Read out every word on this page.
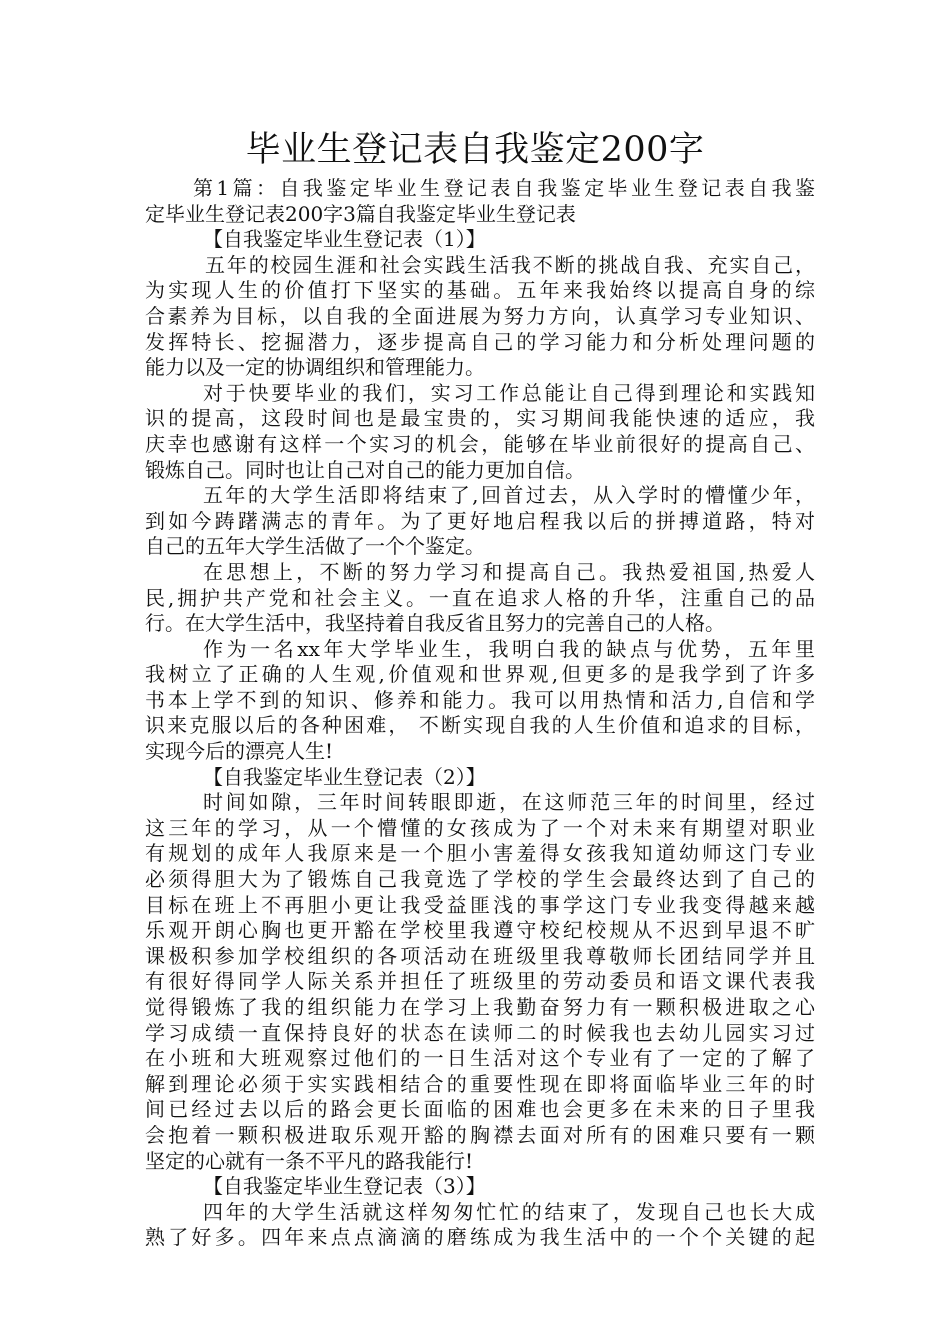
毕业生登记表自我鉴定200字
第1篇：自我鉴定毕业生登记表自我鉴定毕业生登记表自我鉴
定毕业生登记表200字3篇自我鉴定毕业生登记表
【自我鉴定毕业生登记表（1）】
五年的校园生涯和社会实践生活我不断的挑战自我、充实自己，
为实现人生的价值打下坚实的基础。五年来我始终以提高自身的综
合素养为目标，以自我的全面进展为努力方向，认真学习专业知识、
发挥特长、挖掘潜力，逐步提高自己的学习能力和分析处理问题的
能力以及一定的协调组织和管理能力。
对于快要毕业的我们，实习工作总能让自己得到理论和实践知
识的提高，这段时间也是最宝贵的，实习期间我能快速的适应，我
庆幸也感谢有这样一个实习的机会，能够在毕业前很好的提高自己、
锻炼自己。同时也让自己对自己的能力更加自信。
五年的大学生活即将结束了,回首过去，从入学时的懵懂少年，
到如今踌躇满志的青年。为了更好地启程我以后的拼搏道路，特对
自己的五年大学生活做了一个个鉴定。
在思想上，不断的努力学习和提高自己。我热爱祖国,热爱人
民,拥护共产党和社会主义。一直在追求人格的升华，注重自己的品
行。在大学生活中，我坚持着自我反省且努力的完善自己的人格。
作为一名xx年大学毕业生，我明白我的缺点与优势，五年里
我树立了正确的人生观,价值观和世界观,但更多的是我学到了许多
书本上学不到的知识、修养和能力。我可以用热情和活力,自信和学
识来克服以后的各种困难， 不断实现自我的人生价值和追求的目标，
实现今后的漂亮人生!
【自我鉴定毕业生登记表（2）】
时间如隙，三年时间转眼即逝，在这师范三年的时间里，经过
这三年的学习，从一个懵懂的女孩成为了一个对未来有期望对职业
有规划的成年人我原来是一个胆小害羞得女孩我知道幼师这门专业
必须得胆大为了锻炼自己我竟选了学校的学生会最终达到了自己的
目标在班上不再胆小更让我受益匪浅的事学这门专业我变得越来越
乐观开朗心胸也更开豁在学校里我遵守校纪校规从不迟到早退不旷
课极积参加学校组织的各项活动在班级里我尊敬师长团结同学并且
有很好得同学人际关系并担任了班级里的劳动委员和语文课代表我
觉得锻炼了我的组织能力在学习上我勤奋努力有一颗积极进取之心
学习成绩一直保持良好的状态在读师二的时候我也去幼儿园实习过
在小班和大班观察过他们的一日生活对这个专业有了一定的了解了
解到理论必须于实实践相结合的重要性现在即将面临毕业三年的时
间已经过去以后的路会更长面临的困难也会更多在未来的日子里我
会抱着一颗积极进取乐观开豁的胸襟去面对所有的困难只要有一颗
坚定的心就有一条不平凡的路我能行!
【自我鉴定毕业生登记表（3）】
四年的大学生活就这样匆匆忙忙的结束了，发现自己也长大成
熟了好多。四年来点点滴滴的磨练成为我生活中的一个个关键的起
